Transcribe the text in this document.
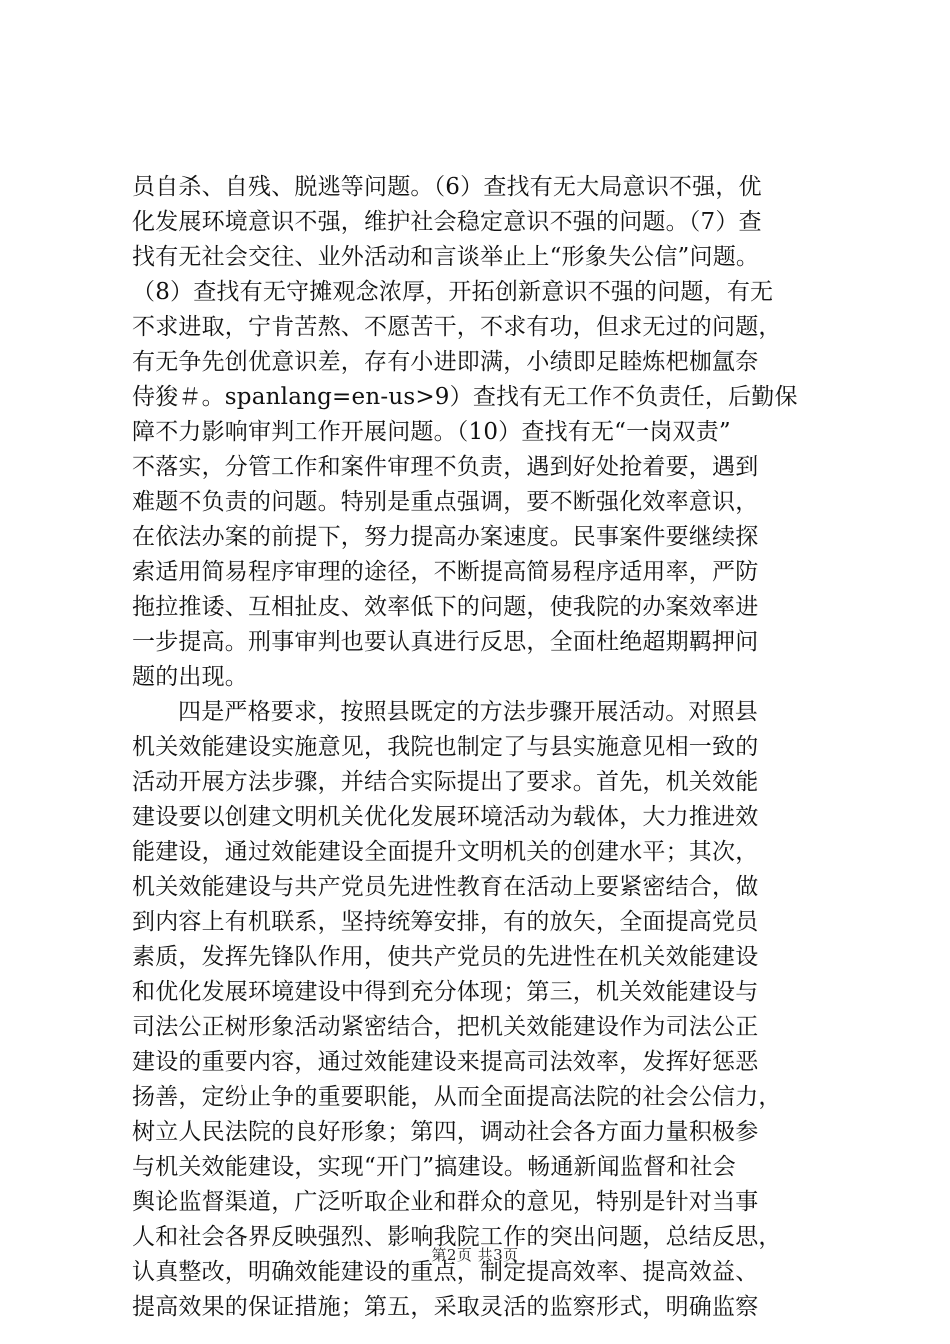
员自杀、自残、脱逃等问题。（6）查找有无大局意识不强，优
化发展环境意识不强，维护社会稳定意识不强的问题。（7）查
找有无社会交往、业外活动和言谈举止上“形象失公信”问题。
（8）查找有无守摊观念浓厚，开拓创新意识不强的问题，有无
不求进取，宁肯苦熬、不愿苦干，不求有功，但求无过的问题，
有无争先创优意识差，存有小进即满，小绩即足睦炼杷枷氲奈
侍狻＃。spanlang=en-us>9）查找有无工作不负责任，后勤保
障不力影响审判工作开展问题。（10）查找有无“一岗双责”
不落实，分管工作和案件审理不负责，遇到好处抢着要，遇到
难题不负责的问题。特别是重点强调，要不断强化效率意识，
在依法办案的前提下，努力提高办案速度。民事案件要继续探
索适用简易程序审理的途径，不断提高简易程序适用率，严防
拖拉推诿、互相扯皮、效率低下的问题，使我院的办案效率进
一步提高。刑事审判也要认真进行反思，全面杜绝超期羁押问
题的出现。
四是严格要求，按照县既定的方法步骤开展活动。对照县
机关效能建设实施意见，我院也制定了与县实施意见相一致的
活动开展方法步骤，并结合实际提出了要求。首先，机关效能
建设要以创建文明机关优化发展环境活动为载体，大力推进效
能建设，通过效能建设全面提升文明机关的创建水平；其次，
机关效能建设与共产党员先进性教育在活动上要紧密结合，做
到内容上有机联系，坚持统筹安排，有的放矢，全面提高党员
素质，发挥先锋队作用，使共产党员的先进性在机关效能建设
和优化发展环境建设中得到充分体现；第三，机关效能建设与
司法公正树形象活动紧密结合，把机关效能建设作为司法公正
建设的重要内容，通过效能建设来提高司法效率，发挥好惩恶
扬善，定纷止争的重要职能，从而全面提高法院的社会公信力，
树立人民法院的良好形象；第四，调动社会各方面力量积极参
与机关效能建设，实现“开门”搞建设。畅通新闻监督和社会
舆论监督渠道，广泛听取企业和群众的意见，特别是针对当事
人和社会各界反映强烈、影响我院工作的突出问题，总结反思，
认真整改，明确效能建设的重点，制定提高效率、提高效益、
提高效果的保证措施；第五，采取灵活的监察形式，明确监察
第2页 共3页
